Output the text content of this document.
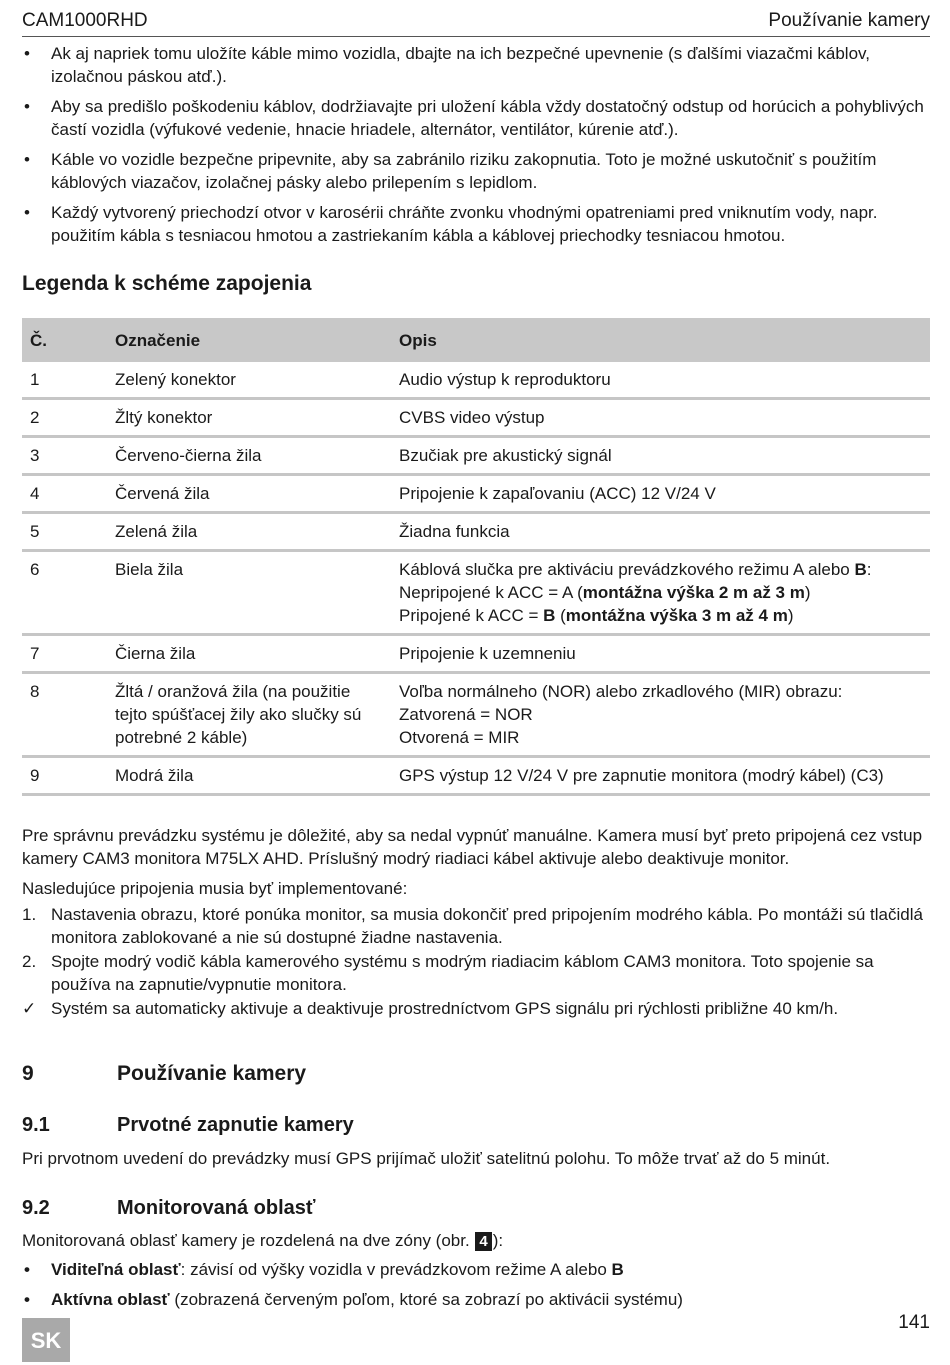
CAM1000RHD	Používanie kamery
• Ak aj napriek tomu uložíte káble mimo vozidla, dbajte na ich bezpečné upevnenie (s ďalšími viazačmi káblov, izolačnou páskou atď.).
• Aby sa predišlo poškodeniu káblov, dodržiavajte pri uložení kábla vždy dostatočný odstup od horúcich a pohyblivých častí vozidla (výfukové vedenie, hnacie hriadele, alternátor, ventilátor, kúrenie atď.).
• Káble vo vozidle bezpečne pripevnite, aby sa zabránilo riziku zakopnutia. Toto je možné uskutočniť s použitím káblových viazačov, izolačnej pásky alebo prilepením s lepidlom.
• Každý vytvorený priechodzí otvor v karosérii chráňte zvonku vhodnými opatreniami pred vniknutím vody, napr. použitím kábla s tesniacou hmotou a zastriekaním kábla a káblovej priechodky tesniacou hmotou.
Legenda k schéme zapojenia
Č.	Označenie	Opis
1	Zelený konektor	Audio výstup k reproduktoru
2	Žltý konektor	CVBS video výstup
3	Červeno-čierna žila	Bzučiak pre akustický signál
4	Červená žila	Pripojenie k zapaľovaniu (ACC) 12 V/24 V
5	Zelená žila	Žiadna funkcia
6	Biela žila	Káblová slučka pre aktiváciu prevádzkového režimu A alebo B:
Nepripojené k ACC = A (montážna výška 2 m až 3 m)
Pripojené k ACC = B (montážna výška 3 m až 4 m)

7	Čierna žila	Pripojenie k uzemneniu
8	Žltá / oranžová žila (na použitie tejto spúšťacej žily ako slučky sú potrebné 2 káble)	Voľba normálneho (NOR) alebo zrkadlového (MIR) obrazu:
Zatvorená = NOR
Otvorená = MIR

9	Modrá žila	GPS výstup 12 V/24 V pre zapnutie monitora (modrý kábel) (C3)

Pre správnu prevádzku systému je dôležité, aby sa nedal vypnúť manuálne. Kamera musí byť preto pripojená cez vstup kamery CAM3 monitora M75LX AHD. Príslušný modrý riadiaci kábel aktivuje alebo deaktivuje monitor.

Nasledujúce pripojenia musia byť implementované:

1. Nastavenia obrazu, ktoré ponúka monitor, sa musia dokončiť pred pripojením modrého kábla. Po montáži sú tlačidlá monitora zablokované a nie sú dostupné žiadne nastavenia.
2. Spojte modrý vodič kábla kamerového systému s modrým riadiacim káblom CAM3 monitora. Toto spojenie sa používa na zapnutie/vypnutie monitora.
✓ Systém sa automaticky aktivuje a deaktivuje prostredníctvom GPS signálu pri rýchlosti približne 40 km/h.
9	Používanie kamery
9.1	Prvotné zapnutie kamery

Pri prvotnom uvedení do prevádzky musí GPS prijímač uložiť satelitnú polohu. To môže trvať až do 5 minút.

9.2	Monitorovaná oblasť

Monitorovaná oblasť kamery je rozdelená na dve zóny (obr. 4 ):

• Viditeľná oblasť: závisí od výšky vozidla v prevádzkovom režime A alebo B
• Aktívna oblasť (zobrazená červeným poľom, ktoré sa zobrazí po aktivácii systému)
141
SK
